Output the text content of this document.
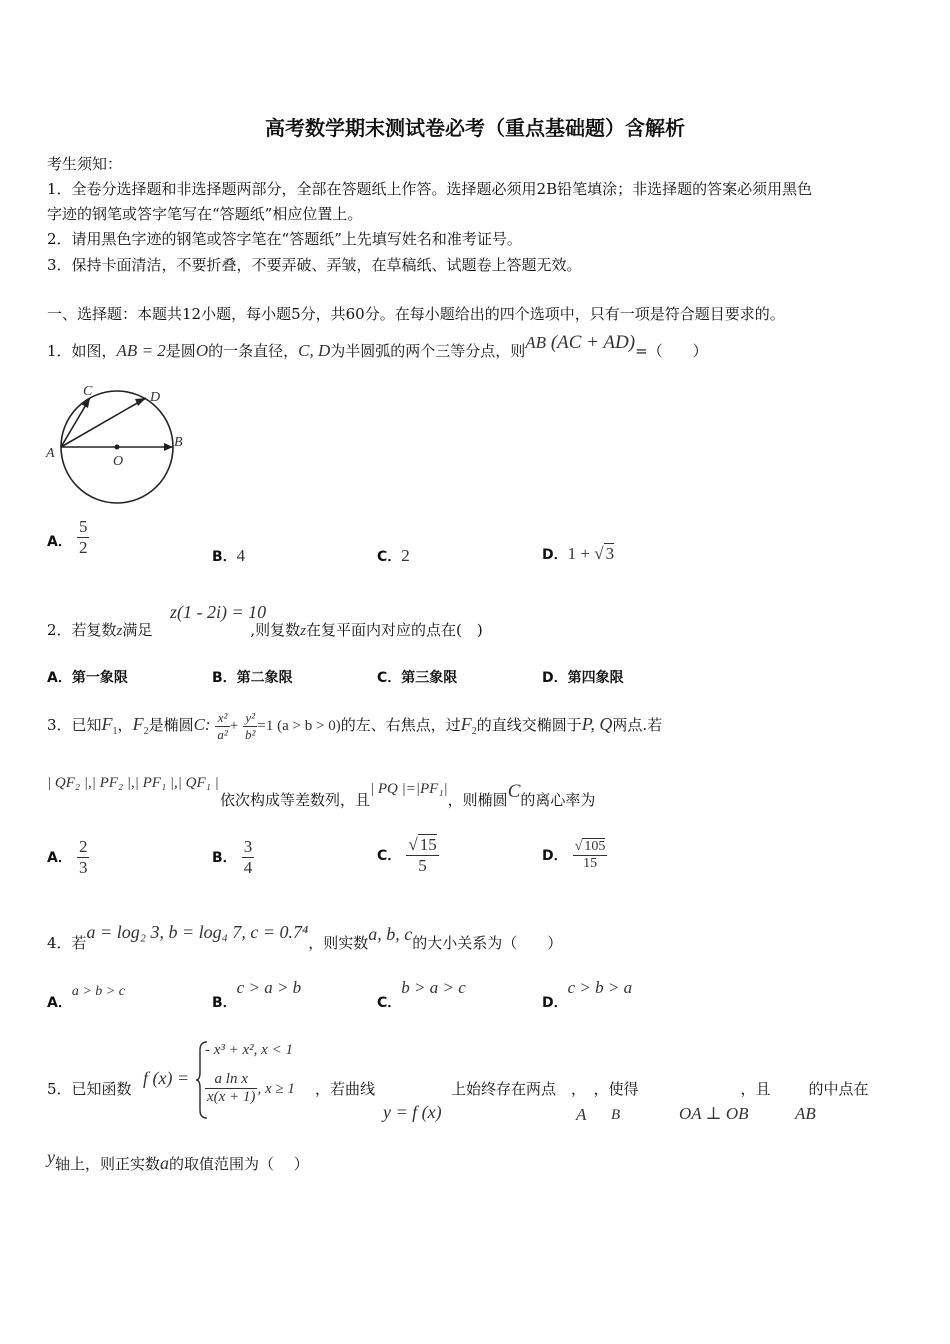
高考数学期末测试卷必考（重点基础题）含解析
考生须知：
1．全卷分选择题和非选择题两部分，全部在答题纸上作答。选择题必须用2B铅笔填涂；非选择题的答案必须用黑色
字迹的钢笔或答字笔写在“答题纸”相应位置上。
2．请用黑色字迹的钢笔或答字笔在“答题纸”上先填写姓名和准考证号。
3．保持卡面清洁，不要折叠，不要弄破、弄皱，在草稿纸、试题卷上答题无效。
一、选择题：本题共12小题，每小题5分，共60分。在每小题给出的四个选项中，只有一项是符合题目要求的。
1．如图，AB = 2是圆O的一条直径，C, D为半圆弧的两个三等分点，则AB (AC + AD)=（　　）
A
B
C	D
O
A． $\frac{5}{2}$	B．4	C．2	D．1 + √ 3
z(1 - 2i) = 10
2．若复数z满足	,则复数z在复平面内对应的点在(　)
A．第一象限	B．第二象限	C．第三象限	D．第四象限
3．已知$F_1$，$F_2$是椭圆C: $\frac{\text{x²}}{\text{a²}} + \frac{\text{y²}}{\text{b²}} =1$ (a > b > 0)的左、右焦点，过$F_2$的直线交椭圆于P, Q两点.若
| QF₂ |,| PF₂ |,| PF₁ |,| QF₁ |
依次构成等差数列，且| PQ |=|PF₁|，则椭圆C的离心率为
A． $\frac{2}{3}$	B． $\frac{3}{4}$	C． $\frac{√ 15}{5}$	D． $\frac{√ 105}{15}$
4．若a = log₂ 3, b = log₄ 7, c = 0.7⁴，则实数a, b, c的大小关系为（　　）
A．a > b > c
B．c > a > b
C．b > a > c
D．c > b > a
5．已知函数
f (x) =
- x³ + x², x < 1
$\frac{\text{a ln x}}{x(x + 1)}$ , x ≥ 1 ，若曲线	上始终存在两点　，　，使得	，且	的中点在
y = f (x)	A B	OA ⊥ OB	AB
y轴上，则正实数a的取值范围为（　 ）
